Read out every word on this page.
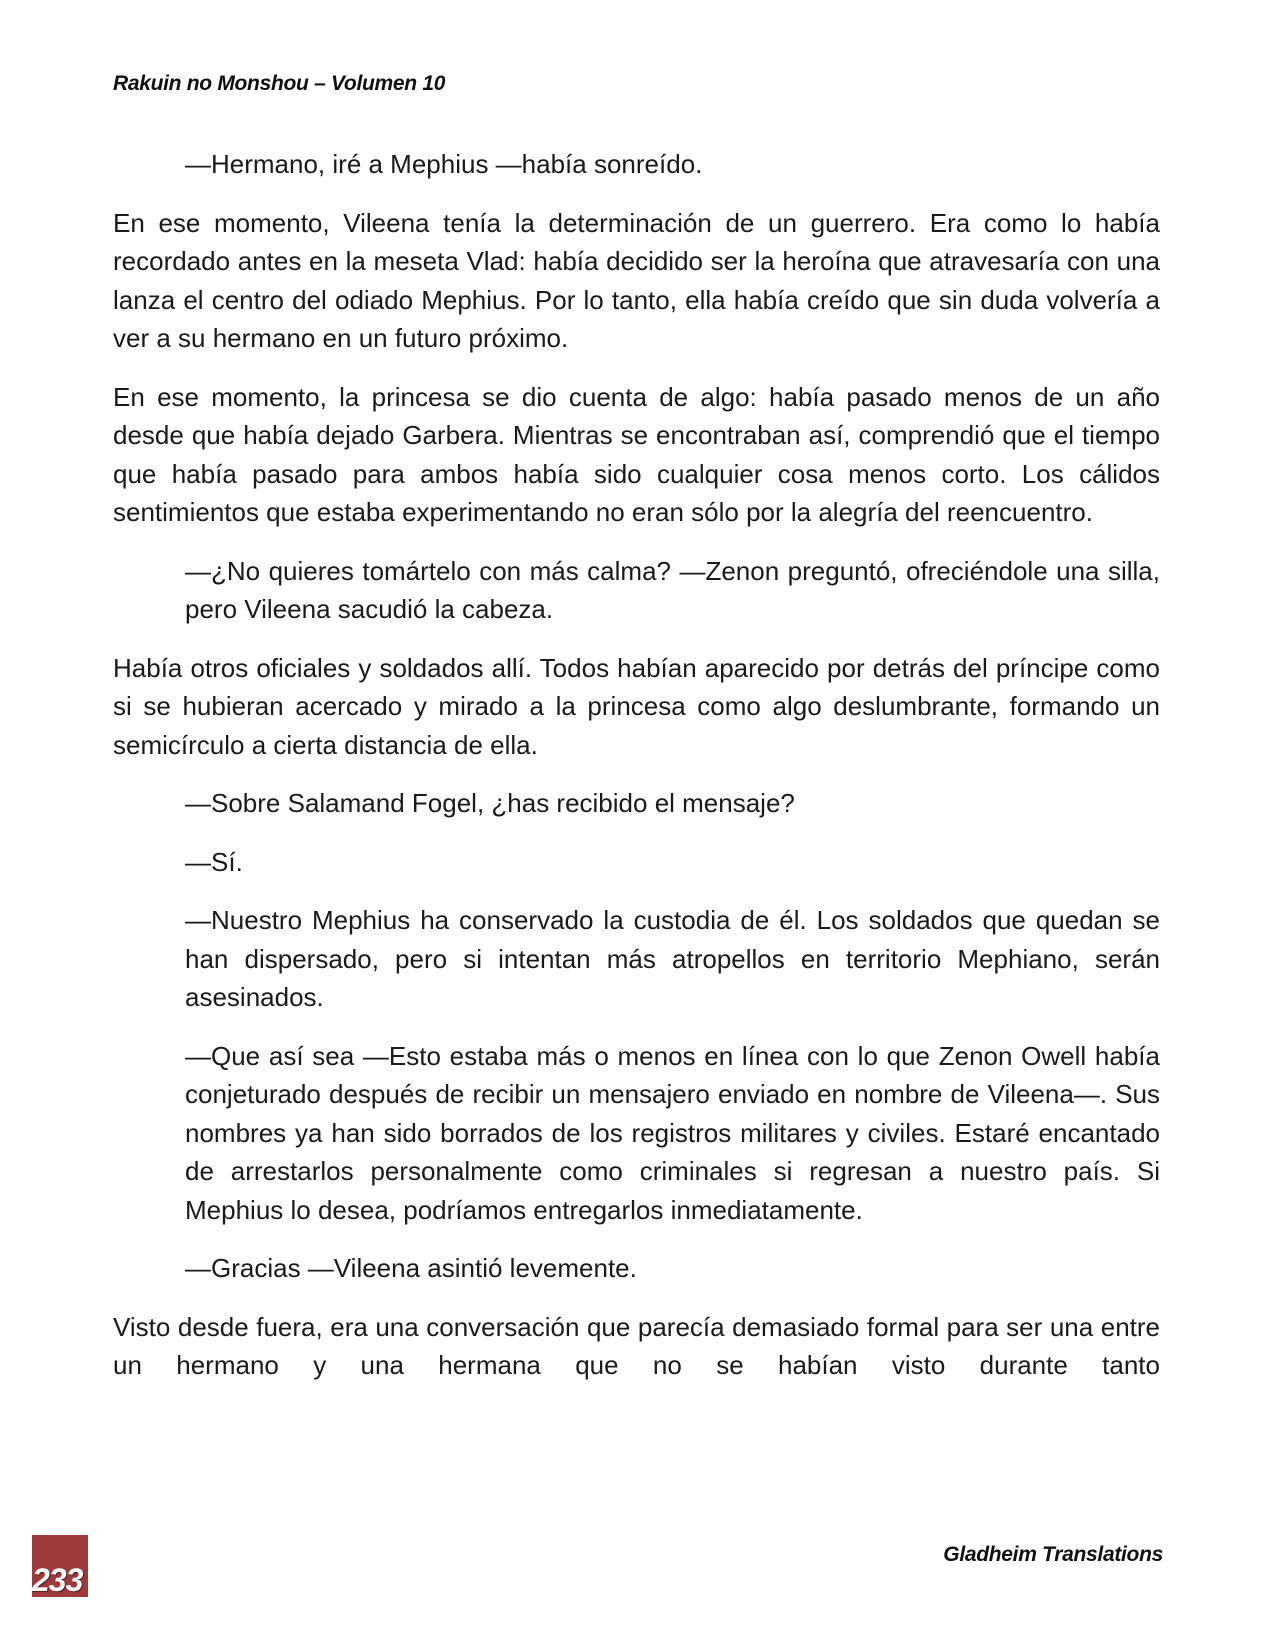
Rakuin no Monshou – Volumen 10

—Hermano, iré a Mephius —había sonreído.

En ese momento, Vileena tenía la determinación de un guerrero. Era como lo había recordado antes en la meseta Vlad: había decidido ser la heroína que atravesaría con una lanza el centro del odiado Mephius. Por lo tanto, ella había creído que sin duda volvería a ver a su hermano en un futuro próximo.

En ese momento, la princesa se dio cuenta de algo: había pasado menos de un año desde que había dejado Garbera. Mientras se encontraban así, comprendió que el tiempo que había pasado para ambos había sido cualquier cosa menos corto. Los cálidos sentimientos que estaba experimentando no eran sólo por la alegría del reencuentro.

—¿No quieres tomártelo con más calma? —Zenon preguntó, ofreciéndole una silla, pero Vileena sacudió la cabeza.

Había otros oficiales y soldados allí. Todos habían aparecido por detrás del príncipe como si se hubieran acercado y mirado a la princesa como algo deslumbrante, formando un semicírculo a cierta distancia de ella.

—Sobre Salamand Fogel, ¿has recibido el mensaje?

—Sí.

—Nuestro Mephius ha conservado la custodia de él. Los soldados que quedan se han dispersado, pero si intentan más atropellos en territorio Mephiano, serán asesinados.

—Que así sea —Esto estaba más o menos en línea con lo que Zenon Owell había conjeturado después de recibir un mensajero enviado en nombre de Vileena—. Sus nombres ya han sido borrados de los registros militares y civiles. Estaré encantado de arrestarlos personalmente como criminales si regresan a nuestro país. Si Mephius lo desea, podríamos entregarlos inmediatamente.

—Gracias —Vileena asintió levemente.

Visto desde fuera, era una conversación que parecía demasiado formal para ser una entre un hermano y una hermana que no se habían visto durante tanto

233
Gladheim Translations
